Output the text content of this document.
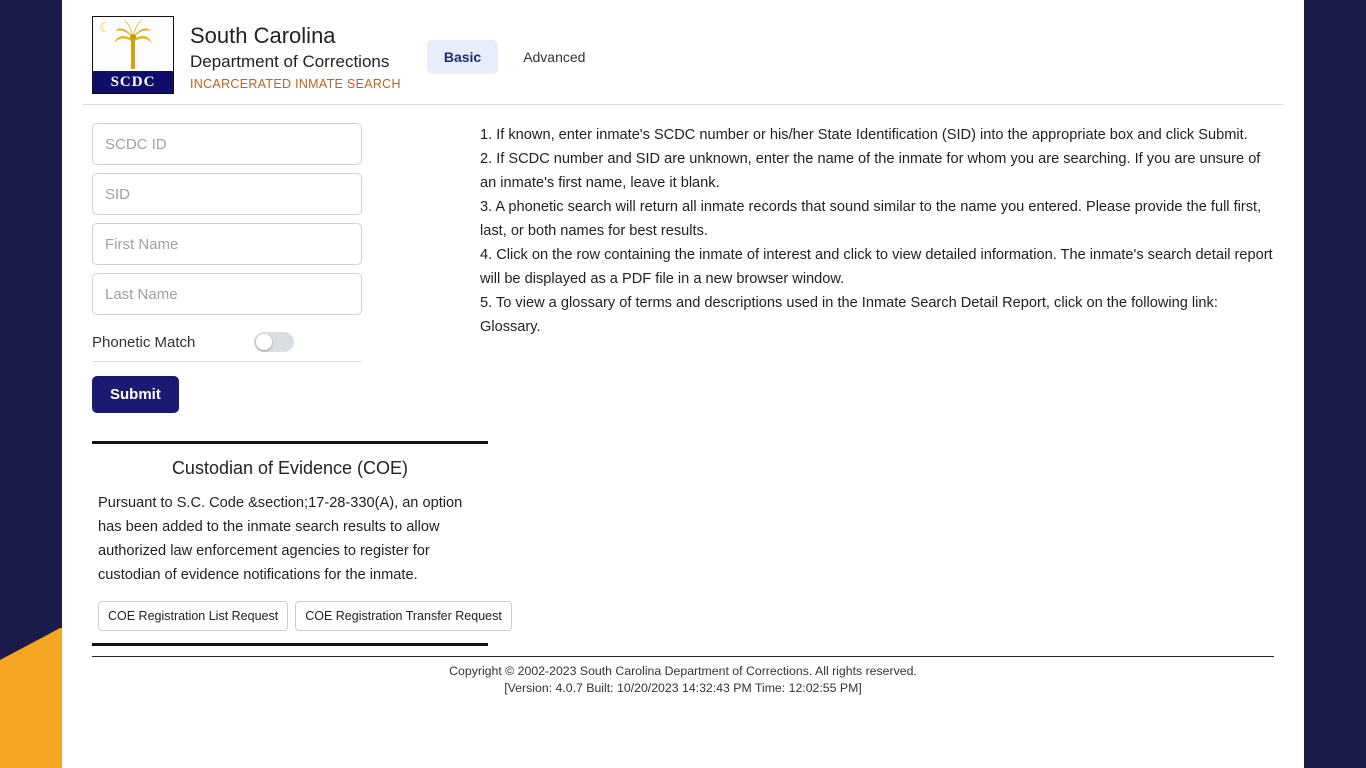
☾
SCDC
South Carolina
Department of Corrections
INCARCERATED INMATE SEARCH
Basic	Advanced
SCDC ID SID First Name Last Name
Phonetic Match
Submit
Custodian of Evidence (COE)
Pursuant to S.C. Code &section;17-28-330(A), an option has been added to the inmate search results to allow authorized law enforcement agencies to register for custodian of evidence notifications for the inmate.
COE Registration List Request	COE Registration Transfer Request

1. If known, enter inmate's SCDC number or his/her State Identification (SID) into the appropriate box and click Submit.

2. If SCDC number and SID are unknown, enter the name of the inmate for whom you are searching. If you are unsure of an inmate's first name, leave it blank.

3. A phonetic search will return all inmate records that sound similar to the name you entered. Please provide the full first, last, or both names for best results.

4. Click on the row containing the inmate of interest and click to view detailed information. The inmate's search detail report will be displayed as a PDF file in a new browser window.

5. To view a glossary of terms and descriptions used in the Inmate Search Detail Report, click on the following link: Glossary.

Copyright © 2002-2023 South Carolina Department of Corrections. All rights reserved.
[Version: 4.0.7 Built: 10/20/2023 14:32:43 PM Time: 12:02:55 PM]
